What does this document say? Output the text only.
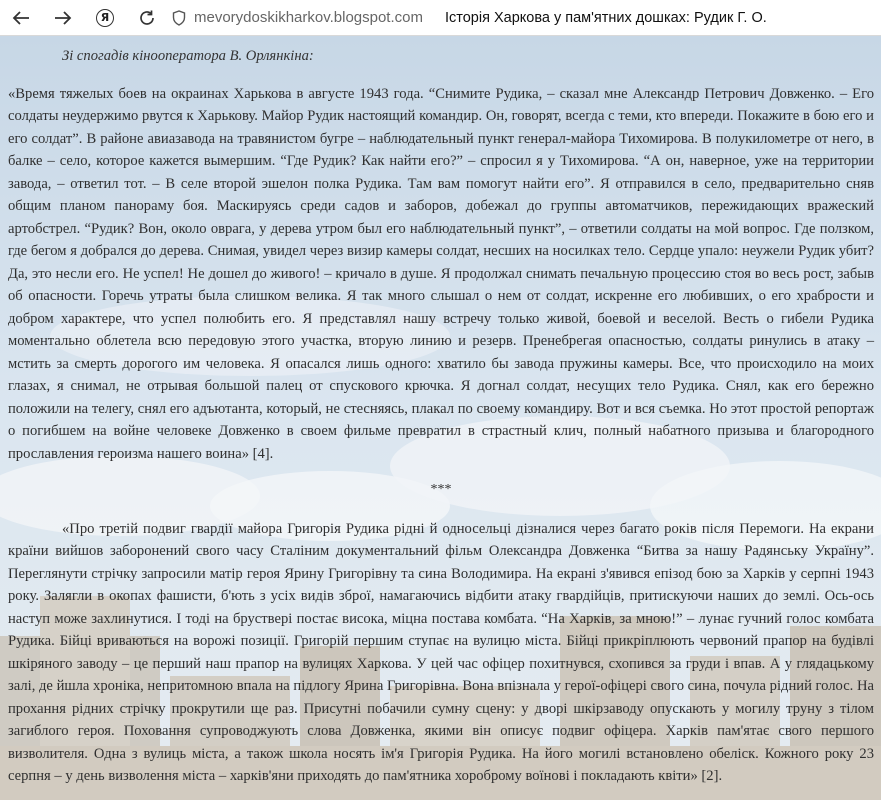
Я	mevorydoskikharkov.blogspot.com Історія Харкова у пам'ятних дошках: Рудик Г. О.

Зі спогадів кінооператора В. Орлянкіна:

«Время тяжелых боев на окраинах Харькова в августе 1943 года. “Снимите Рудика, – сказал мне Александр Петрович Довженко. – Его солдаты неудержимо рвутся к Харькову. Майор Рудик настоящий командир. Он, говорят, всегда с теми, кто впереди. Покажите в бою его и его солдат”. В районе авиазавода на травянистом бугре – наблюдательный пункт генерал-майора Тихомирова. В полукилометре от него, в балке – село, которое кажется вымершим. “Где Рудик? Как найти его?” – спросил я у Тихомирова. “А он, наверное, уже на территории завода, – ответил тот. – В селе второй эшелон полка Рудика. Там вам помогут найти его”. Я отправился в село, предварительно сняв общим планом панораму боя. Маскируясь среди садов и заборов, добежал до группы автоматчиков, пережидающих вражеский артобстрел. “Рудик? Вон, около оврага, у дерева утром был его наблюдательный пункт”, – ответили солдаты на мой вопрос. Где ползком, где бегом я добрался до дерева. Снимая, увидел через визир камеры солдат, несших на носилках тело. Сердце упало: неужели Рудик убит? Да, это несли его. Не успел! Не дошел до живого! – кричало в душе. Я продолжал снимать печальную процессию стоя во весь рост, забыв об опасности. Горечь утраты была слишком велика. Я так много слышал о нем от солдат, искренне его любивших, о его храбрости и добром характере, что успел полюбить его. Я представлял нашу встречу только живой, боевой и веселой. Весть о гибели Рудика моментально облетела всю передовую этого участка, вторую линию и резерв. Пренебрегая опасностью, солдаты ринулись в атаку – мстить за смерть дорогого им человека. Я опасался лишь одного: хватило бы завода пружины камеры. Все, что происходило на моих глазах, я снимал, не отрывая большой палец от спускового крючка. Я догнал солдат, несущих тело Рудика. Снял, как его бережно положили на телегу, снял его адъютанта, который, не стесняясь, плакал по своему командиру. Вот и вся съемка. Но этот простой репортаж о погибшем на войне человеке Довженко в своем фильме превратил в страстный клич, полный набатного призыва и благородного прославления героизма нашего воина» [4].

***

«Про третій подвиг гвардії майора Григорія Рудика рідні й односельці дізналися через багато років після Перемоги. На екрани країни вийшов заборонений свого часу Сталіним документальний фільм Олександра Довженка “Битва за нашу Радянську Україну”. Переглянути стрічку запросили матір героя Ярину Григорівну та сина Володимира. На екрані з'явився епізод бою за Харків у серпні 1943 року. Залягли в окопах фашисти, б'ють з усіх видів зброї, намагаючись відбити атаку гвардійців, притискуючи наших до землі. Ось-ось наступ може захлинутися. І тоді на бруствері постає висока, міцна постава комбата. “На Харків, за мною!” – лунає гучний голос комбата Рудика. Бійці вриваються на ворожі позиції. Григорій першим ступає на вулицю міста. Бійці прикріплюють червоний прапор на будівлі шкіряного заводу – це перший наш прапор на вулицях Харкова. У цей час офіцер похитнувся, схопився за груди і впав. А у глядацькому залі, де йшла хроніка, непритомною впала на підлогу Ярина Григорівна. Вона впізнала у герої-офіцері свого сина, почула рідний голос. На прохання рідних стрічку прокрутили ще раз. Присутні побачили сумну сцену: у дворі шкірзаводу опускають у могилу труну з тілом загиблого героя. Поховання супроводжують слова Довженка, якими він описує подвиг офіцера. Харків пам'ятає свого першого визволителя. Одна з вулиць міста, а також школа носять ім'я Григорія Рудика. На його могилі встановлено обеліск. Кожного року 23 серпня – у день визволення міста – харків'яни приходять до пам'ятника хороброму воїнові і покладають квіти» [2].
